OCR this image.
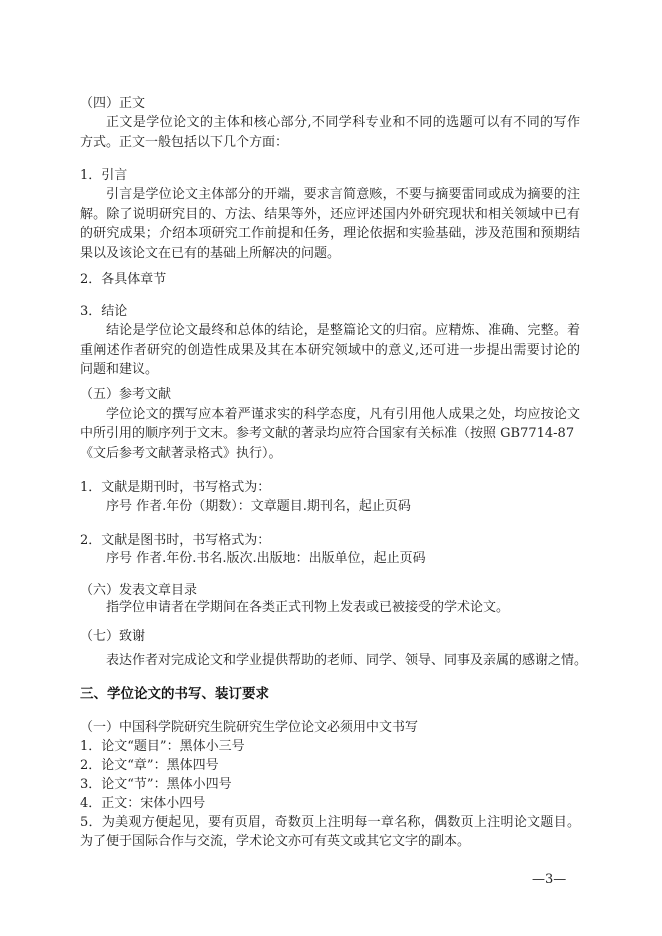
（四）正文
正文是学位论文的主体和核心部分,不同学科专业和不同的选题可以有不同的写作
方式。正文一般包括以下几个方面：
1．引言
引言是学位论文主体部分的开端，要求言简意赅，不要与摘要雷同或成为摘要的注
解。除了说明研究目的、方法、结果等外，还应评述国内外研究现状和相关领域中已有
的研究成果；介绍本项研究工作前提和任务，理论依据和实验基础，涉及范围和预期结
果以及该论文在已有的基础上所解决的问题。
2．各具体章节
3．结论
结论是学位论文最终和总体的结论，是整篇论文的归宿。应精炼、准确、完整。着
重阐述作者研究的创造性成果及其在本研究领域中的意义,还可进一步提出需要讨论的
问题和建议。
（五）参考文献
学位论文的撰写应本着严谨求实的科学态度，凡有引用他人成果之处，均应按论文
中所引用的顺序列于文末。参考文献的著录均应符合国家有关标准（按照 GB7714-87
《文后参考文献著录格式》执行）。
1．文献是期刊时，书写格式为：
序号 作者.年份（期数）：文章题目.期刊名，起止页码
2．文献是图书时，书写格式为：
序号 作者.年份.书名.版次.出版地：出版单位，起止页码
（六）发表文章目录
指学位申请者在学期间在各类正式刊物上发表或已被接受的学术论文。
（七）致谢
表达作者对完成论文和学业提供帮助的老师、同学、领导、同事及亲属的感谢之情。
三、学位论文的书写、装订要求
（一）中国科学院研究生院研究生学位论文必须用中文书写
1．论文“题目”：黑体小三号
2．论文“章”：黑体四号
3．论文“节”：黑体小四号
4．正文：宋体小四号
5．为美观方便起见，要有页眉，奇数页上注明每一章名称，偶数页上注明论文题目。
为了便于国际合作与交流，学术论文亦可有英文或其它文字的副本。
—3—
